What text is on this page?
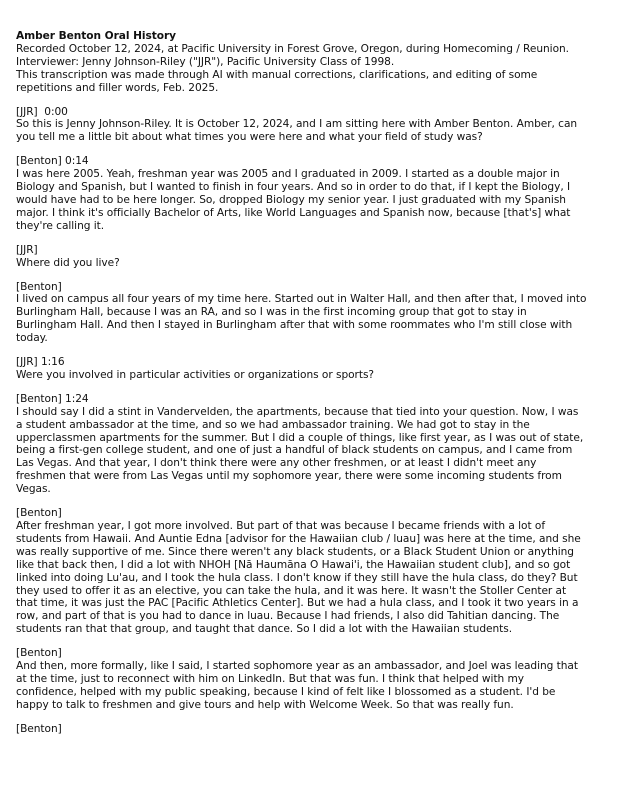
Amber Benton Oral History
Recorded October 12, 2024, at Pacific University in Forest Grove, Oregon, during Homecoming / Reunion.
Interviewer: Jenny Johnson-Riley ("JJR"), Pacific University Class of 1998.
This transcription was made through AI with manual corrections, clarifications, and editing of some
repetitions and filler words, Feb. 2025.
[JJR]  0:00
So this is Jenny Johnson-Riley. It is October 12, 2024, and I am sitting here with Amber Benton. Amber, can
you tell me a little bit about what times you were here and what your field of study was?
[Benton] 0:14
I was here 2005. Yeah, freshman year was 2005 and I graduated in 2009. I started as a double major in
Biology and Spanish, but I wanted to finish in four years. And so in order to do that, if I kept the Biology, I
would have had to be here longer. So, dropped Biology my senior year. I just graduated with my Spanish
major. I think it's officially Bachelor of Arts, like World Languages and Spanish now, because [that's] what
they're calling it.
[JJR]
Where did you live?
[Benton]
I lived on campus all four years of my time here. Started out in Walter Hall, and then after that, I moved into
Burlingham Hall, because I was an RA, and so I was in the first incoming group that got to stay in
Burlingham Hall. And then I stayed in Burlingham after that with some roommates who I'm still close with
today.
[JJR] 1:16
Were you involved in particular activities or organizations or sports?
[Benton] 1:24
I should say I did a stint in Vandervelden, the apartments, because that tied into your question. Now, I was
a student ambassador at the time, and so we had ambassador training. We had got to stay in the
upperclassmen apartments for the summer. But I did a couple of things, like first year, as I was out of state,
being a first-gen college student, and one of just a handful of black students on campus, and I came from
Las Vegas. And that year, I don't think there were any other freshmen, or at least I didn't meet any
freshmen that were from Las Vegas until my sophomore year, there were some incoming students from
Vegas.
[Benton]
After freshman year, I got more involved. But part of that was because I became friends with a lot of
students from Hawaii. And Auntie Edna [advisor for the Hawaiian club / luau] was here at the time, and she
was really supportive of me. Since there weren't any black students, or a Black Student Union or anything
like that back then, I did a lot with NHOH [Nā Haumāna O Hawai'i, the Hawaiian student club], and so got
linked into doing Lu'au, and I took the hula class. I don't know if they still have the hula class, do they? But
they used to offer it as an elective, you can take the hula, and it was here. It wasn't the Stoller Center at
that time, it was just the PAC [Pacific Athletics Center]. But we had a hula class, and I took it two years in a
row, and part of that is you had to dance in luau. Because I had friends, I also did Tahitian dancing. The
students ran that that group, and taught that dance. So I did a lot with the Hawaiian students.
[Benton]
And then, more formally, like I said, I started sophomore year as an ambassador, and Joel was leading that
at the time, just to reconnect with him on LinkedIn. But that was fun. I think that helped with my
confidence, helped with my public speaking, because I kind of felt like I blossomed as a student. I'd be
happy to talk to freshmen and give tours and help with Welcome Week. So that was really fun.
[Benton]
